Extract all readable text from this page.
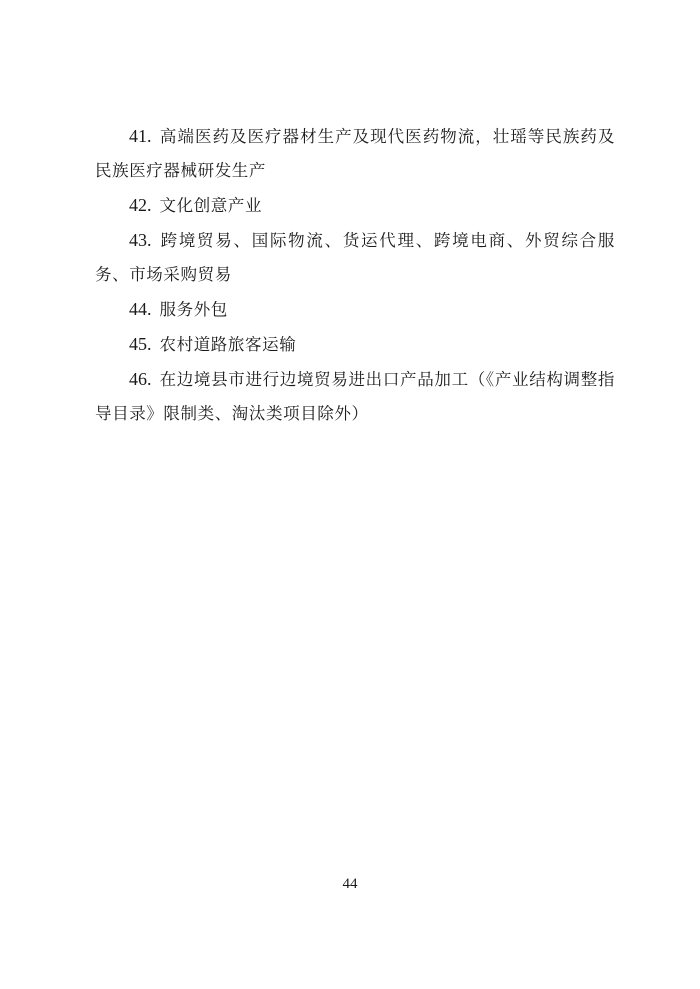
41. 高端医药及医疗器材生产及现代医药物流，壮瑶等民族药及民族医疗器械研发生产

42. 文化创意产业

43. 跨境贸易、国际物流、货运代理、跨境电商、外贸综合服务、市场采购贸易

44. 服务外包

45. 农村道路旅客运输

46. 在边境县市进行边境贸易进出口产品加工（《产业结构调整指导目录》限制类、淘汰类项目除外）

44
